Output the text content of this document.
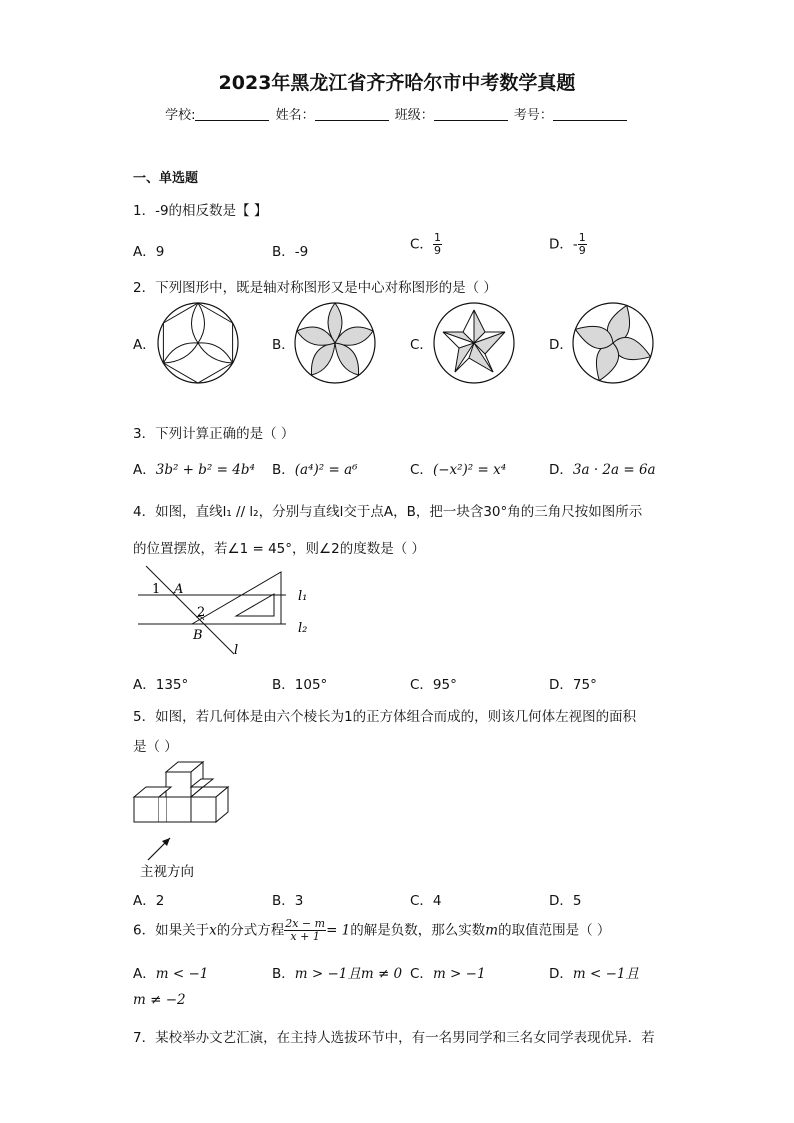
2023年黑龙江省齐齐哈尔市中考数学真题
学校:	姓名：	班级：	考号：
一、单选题
1．-9的相反数是【 】
A．9	B．-9	C． $\frac{1}{9}$	D．- $\frac{1}{9}$
2．下列图形中，既是轴对称图形又是中心对称图形的是（ ）
A．	B．	C．	D．
3．下列计算正确的是（ ）
A．3b² + b² = 4b⁴ B．(a⁴)² = a⁶	C．(−x²)² = x⁴	D．3a · 2a = 6a
4．如图，直线l₁ // l₂，分别与直线l交于点A，B，把一块含30°角的三角尺按如图所示
的位置摆放，若∠1 = 45°，则∠2的度数是（ ）
1 A
2
B
l₁
l₂
l
A．135°	B．105°	C．95°	D．75°
5．如图，若几何体是由六个棱长为1的正方体组合而成的，则该几何体左视图的面积
是（ ）
主视方向
A．2	B．3	C．4	D．5
6．如果关于x的分式方程 $\frac{2x - m}{x + 1} = 1$的解是负数，那么实数m的取值范围是（ ）
A．m < −1	B．m > −1且m ≠ 0 C．m > −1	D．m < −1且
m ≠ −2
7．某校举办文艺汇演，在主持人选拔环节中，有一名男同学和三名女同学表现优异．若
